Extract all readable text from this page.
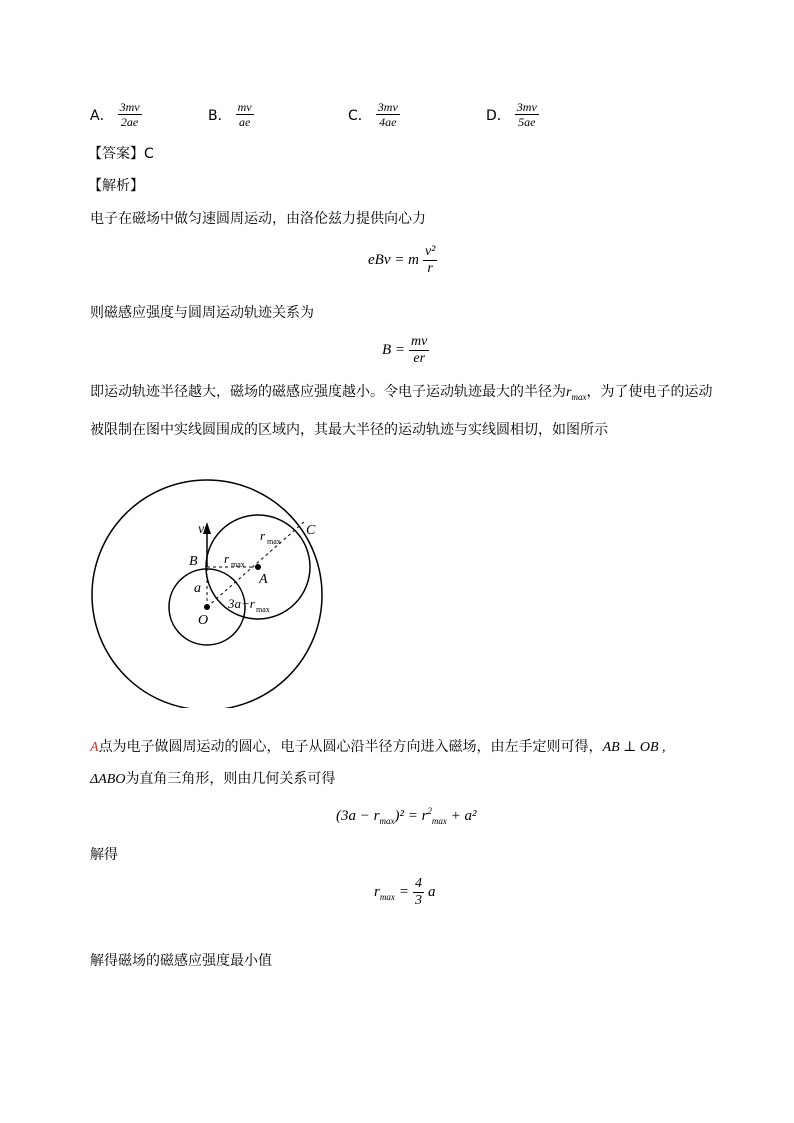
A． $\frac{3mv}{2ae}$	B． $\frac{mv}{ae}$	C． $\frac{3mv}{4ae}$	D． $\frac{3mv}{5ae}$
【答案】C
【解析】
电子在磁场中做匀速圆周运动，由洛伦兹力提供向心力
eBv = m $\frac{\text{v²}}{r}$
则磁感应强度与圆周运动轨迹关系为
$B = \frac{mv}{er}$
即运动轨迹半径越大，磁场的磁感应强度越小。令电子运动轨迹最大的半径为$r_{max}$，为了使电子的运动
被限制在图中实线圆围成的区域内，其最大半径的运动轨迹与实线圆相切，如图所示
v
B
C
A
O
a
r max
r max
3a−r max
A点为电子做圆周运动的圆心，电子从圆心沿半径方向进入磁场，由左手定则可得，AB ⊥ OB ,
ΔABO为直角三角形，则由几何关系可得
$(3a - r_{max})^2 = r^2_{max} + a^2$
解得
$r_{max} = \frac{4}{3}$ a
解得磁场的磁感应强度最小值
